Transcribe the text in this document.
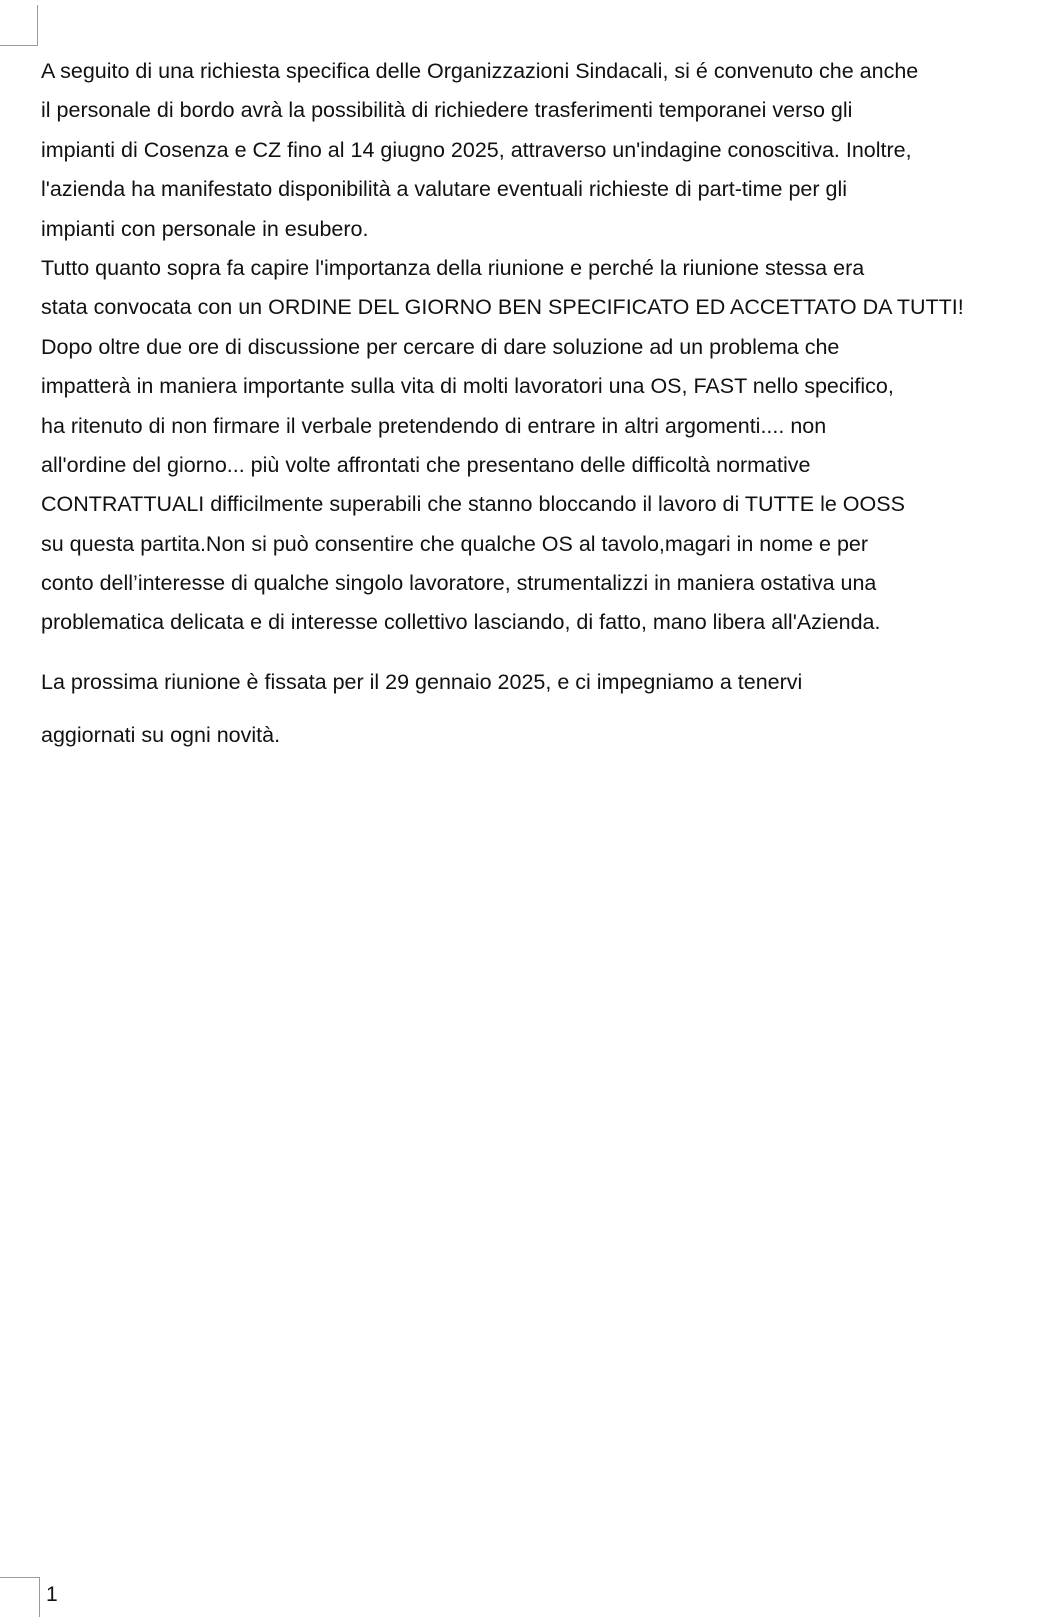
A seguito di una richiesta specifica delle Organizzazioni Sindacali, si é convenuto che anche
il personale di bordo avrà la possibilità di richiedere trasferimenti temporanei verso gli
impianti di Cosenza e CZ fino al 14 giugno 2025, attraverso un'indagine conoscitiva. Inoltre,
l'azienda ha manifestato disponibilità a valutare eventuali richieste di part-time per gli
impianti con personale in esubero.
Tutto quanto sopra fa capire l'importanza della riunione e perché la riunione stessa era
stata convocata con un ORDINE DEL GIORNO BEN SPECIFICATO ED ACCETTATO DA TUTTI!
Dopo oltre due ore di discussione per cercare di dare soluzione ad un problema che
impatterà in maniera importante sulla vita di molti lavoratori una OS, FAST nello specifico,
ha ritenuto di non firmare il verbale pretendendo di entrare in altri argomenti.... non
all'ordine del giorno... più volte affrontati che presentano delle difficoltà normative
CONTRATTUALI difficilmente superabili che stanno bloccando il lavoro di TUTTE le OOSS
su questa partita.Non si può consentire che qualche OS al tavolo,magari in nome e per
conto dell’interesse di qualche singolo lavoratore, strumentalizzi in maniera ostativa una
problematica delicata e di interesse collettivo lasciando, di fatto, mano libera all'Azienda.
La prossima riunione è fissata per il 29 gennaio 2025, e ci impegniamo a tenervi
aggiornati su ogni novità.
1
